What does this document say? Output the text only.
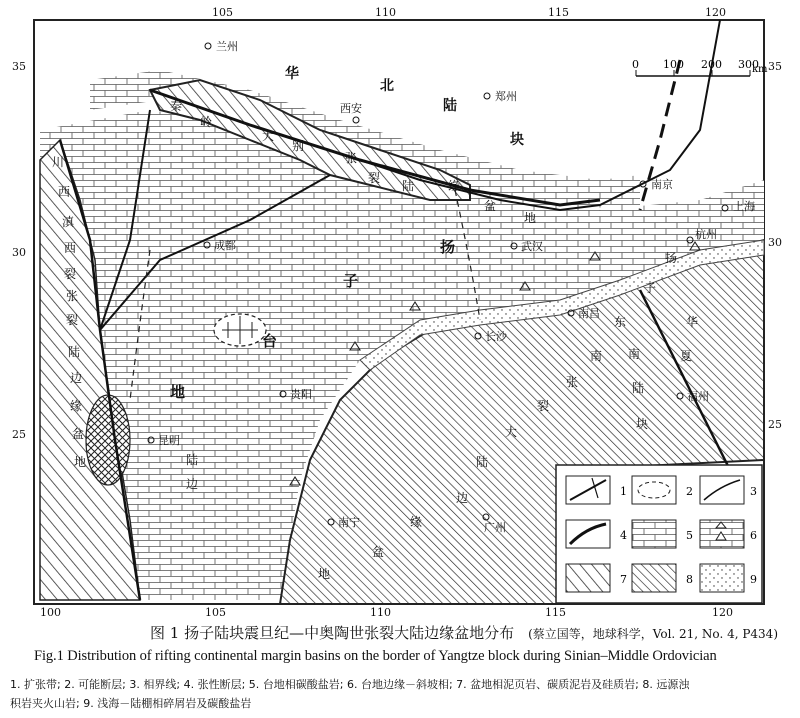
0 100 200 300
km
100	105	110	115	120
105	110	115	120
35
30
25
35
30
25
兰州
西安
郑州
南京
上海
杭州
武汉
成都
南昌
长沙
贵阳
昆明
福州
广州
南宁
华
北
陆
块
秦
岭
大
别
张
裂
陆	缘
盆
地
川
西
滇
西
裂
张
裂
陆
边
缘
盆
地
扬
子
台
地
大
陆
边
缘
盆
地
南
张
裂
扬
子
东
南
陆
块
华
夏
陆
边
1	2	3
4	5	6
7	8	9
图 1 扬子陆块震旦纪—中奥陶世张裂大陆边缘盆地分布 (蔡立国等，地球科学，Vol. 21, No. 4, P434)
Fig.1 Distribution of rifting continental margin basins on the border of Yangtze block during Sinian–Middle Ordovician
1. 扩张带; 2. 可能断层; 3. 相界线; 4. 张性断层; 5. 台地相碳酸盐岩; 6. 台地边缘－斜坡相; 7. 盆地相泥页岩、碳质泥岩及硅质岩; 8. 远源浊
积岩夹火山岩; 9. 浅海－陆棚相碎屑岩及碳酸盐岩
